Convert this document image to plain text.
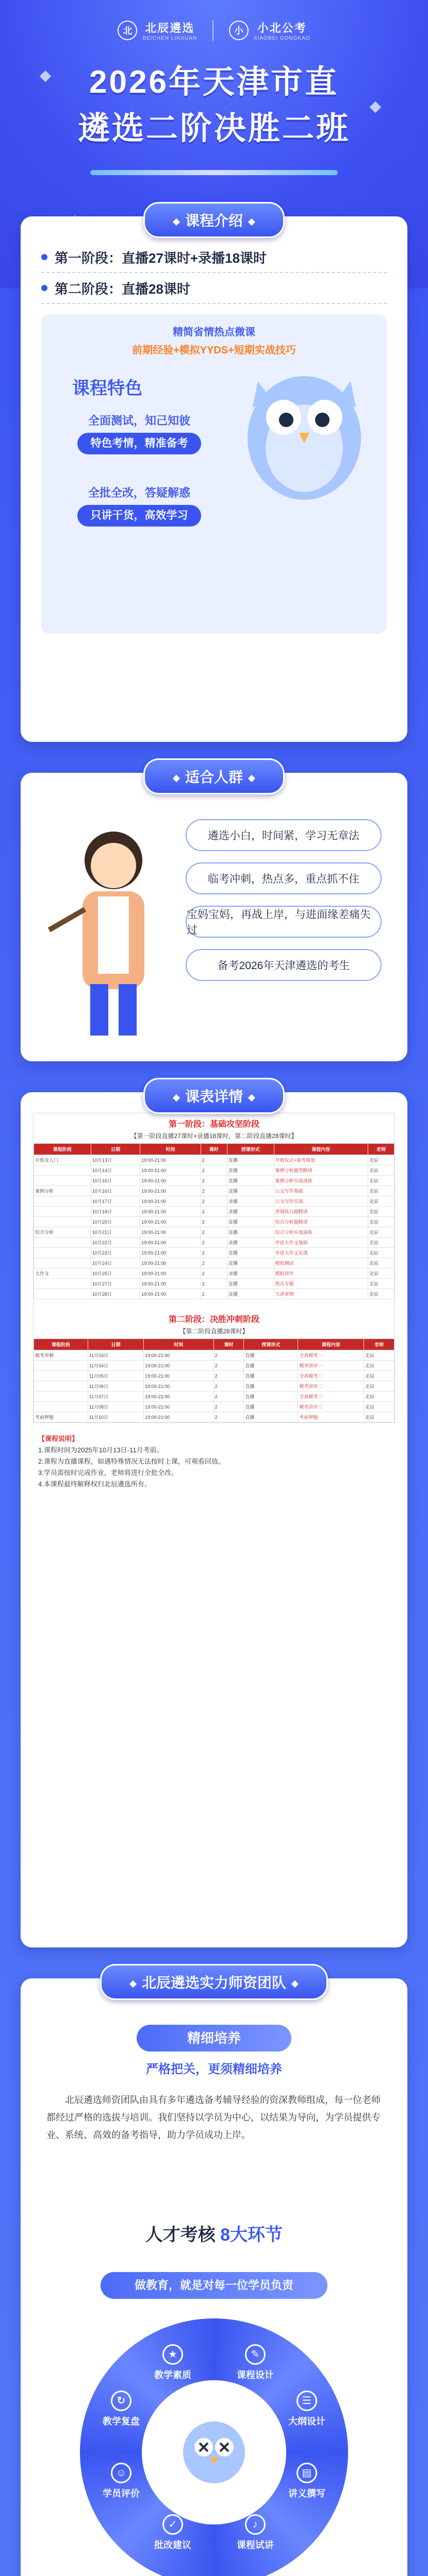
北	北辰遴选
BEICHEN LINXUAN
小	小北公考
XIAOBEI GONGKAO
2026年天津市直
遴选二阶决胜二班
课程介绍
第一阶段：直播27课时+录播18课时
第二阶段：直播28课时
精简省情热点微课
前期经验+模拟YYDS+短期实战技巧
课程特色
全面测试，知己知彼
特色考情，精准备考
全批全改，答疑解惑
只讲干货，高效学习
适合人群
遴选小白，时间紧，学习无章法
临考冲刺，热点多，重点抓不住
宝妈宝妈，再战上岸，与进面缘差痛失过
备考2026年天津遴选的考生
课表详情
第一阶段：基础攻坚阶段
【第一阶段直播27课时+录播18课时，第二阶段直播28课时】
课程阶段	日期	时间	课时	授课形式	课程内容	老师
开班及入门	10月13日	19:00-21:00	2	直播	开班仪式+备考规划	北辰
	10月14日	19:00-21:00	2	直播	案例分析题型精讲	北辰
	10月15日	19:00-21:00	2	直播	案例分析实战演练	北辰
案例分析	10月16日	19:00-21:00	2	直播	公文写作基础	北辰
	10月17日	19:00-21:00	2	录播	公文写作实战	北辰
	10月18日	19:00-21:00	2	录播	贯彻执行题精讲	北辰
	10月20日	19:00-21:00	2	直播	综合分析题精讲	北辰
综合分析	10月21日	19:00-21:00	2	直播	综合分析实战演练	北辰
	10月22日	19:00-21:00	2	录播	申论大作文基础	北辰
	10月23日	19:00-21:00	2	直播	申论大作文实战	北辰
	10月24日	19:00-21:00	2	直播	模拟测试	北辰
大作文	10月25日	19:00-21:00	2	录播	模拟讲评	北辰
	10月27日	19:00-21:00	2	直播	热点专题	北辰
	10月28日	19:00-21:00	2	直播	天津省情	北辰
第二阶段：决胜冲刺阶段
【第二阶段直播28课时】
课程阶段	日期	时间	课时	授课形式	课程内容	老师
模考冲刺	11月03日	19:00-21:00	2	直播	全真模考一	北辰
	11月04日	19:00-21:00	2	直播	模考讲评一	北辰
	11月05日	19:00-21:00	2	直播	全真模考二	北辰
	11月06日	19:00-21:00	2	直播	模考讲评二	北辰
	11月07日	19:00-21:00	2	直播	全真模考三	北辰
	11月08日	19:00-21:00	2	直播	模考讲评三	北辰
考前押题	11月10日	19:00-21:00	2	直播	考前押题	北辰
【课程说明】
1.课程时间为2025年10月13日-11月考前。
2.课程为直播课程，如遇特殊情况无法按时上课，可观看回放。
3.学员需按时完成作业，老师将进行全批全改。
4.本课程最终解释权归北辰遴选所有。
北辰遴选实力师资团队
精细培养
严格把关，更须精细培养
北辰遴选师资团队由具有多年遴选备考辅导经验的资深教师组成，每一位老师都经过严格的选拔与培训。我们坚持以学员为中心，以结果为导向，为学员提供专业、系统、高效的备考指导，助力学员成功上岸。
人才考核 8大环节
做教育，就是对每一位学员负责
★
教学素质
✎
课程设计
☰
大纲设计
▤
讲义撰写
♪
课程试讲
✓
批改建议
☺
学员评价
↻
教学复盘
